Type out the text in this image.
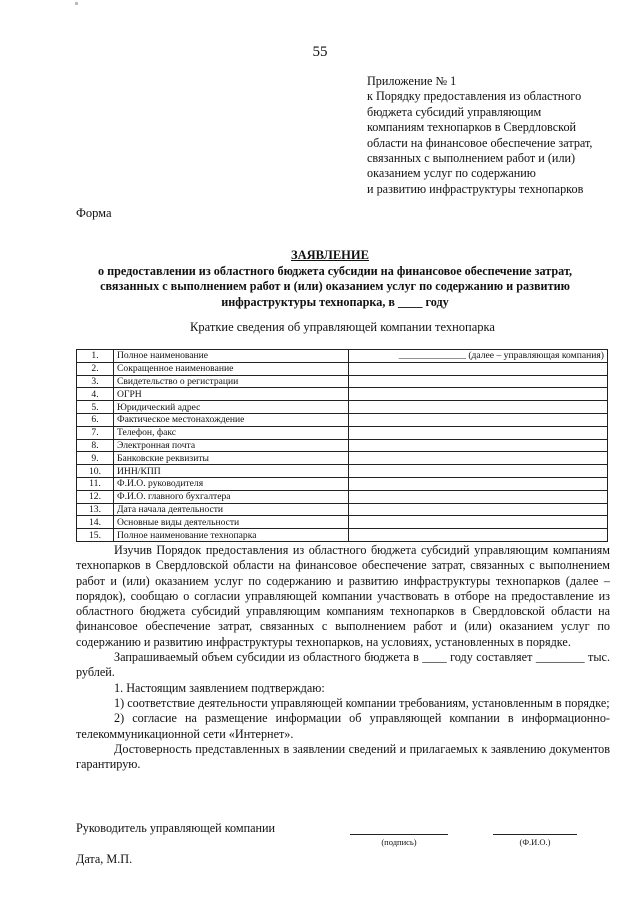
55
Приложение № 1
к Порядку предоставления из областного
бюджета субсидий управляющим
компаниям технопарков в Свердловской
области на финансовое обеспечение затрат,
связанных с выполнением работ и (или)
оказанием услуг по содержанию
и развитию инфраструктуры технопарков
Форма
ЗАЯВЛЕНИЕ
о предоставлении из областного бюджета субсидии на финансовое обеспечение затрат,
связанных с выполнением работ и (или) оказанием услуг по содержанию и развитию
инфраструктуры технопарка, в ____ году
Краткие сведения об управляющей компании технопарка
1.	Полное наименование	______________ (далее – управляющая компания)
2.	Сокращенное наименование	
3.	Свидетельство о регистрации	
4.	ОГРН	
5.	Юридический адрес	
6.	Фактическое местонахождение	
7.	Телефон, факс	
8.	Электронная почта	
9.	Банковские реквизиты	
10.	ИНН/КПП	
11.	Ф.И.О. руководителя	
12.	Ф.И.О. главного бухгалтера	
13.	Дата начала деятельности	
14.	Основные виды деятельности	
15.	Полное наименование технопарка	

Изучив Порядок предоставления из областного бюджета субсидий управляющим компаниям технопарков в Свердловской области на финансовое обеспечение затрат, связанных с выполнением работ и (или) оказанием услуг по содержанию и развитию инфраструктуры технопарков (далее – порядок), сообщаю о согласии управляющей компании участвовать в отборе на предоставление из областного бюджета субсидий управляющим компаниям технопарков в Свердловской области на финансовое обеспечение затрат, связанных с выполнением работ и (или) оказанием услуг по содержанию и развитию инфраструктуры технопарков, на условиях, установленных в порядке.

Запрашиваемый объем субсидии из областного бюджета в ____ году составляет ________ тыс. рублей.

1. Настоящим заявлением подтверждаю:

1) соответствие деятельности управляющей компании требованиям, установленным в порядке;

2) согласие на размещение информации об управляющей компании в информационно-телекоммуникационной сети «Интернет».

Достоверность представленных в заявлении сведений и прилагаемых к заявлению документов гарантирую.

Руководитель управляющей компании
(подпись)	(Ф.И.О.)
Дата, М.П.
